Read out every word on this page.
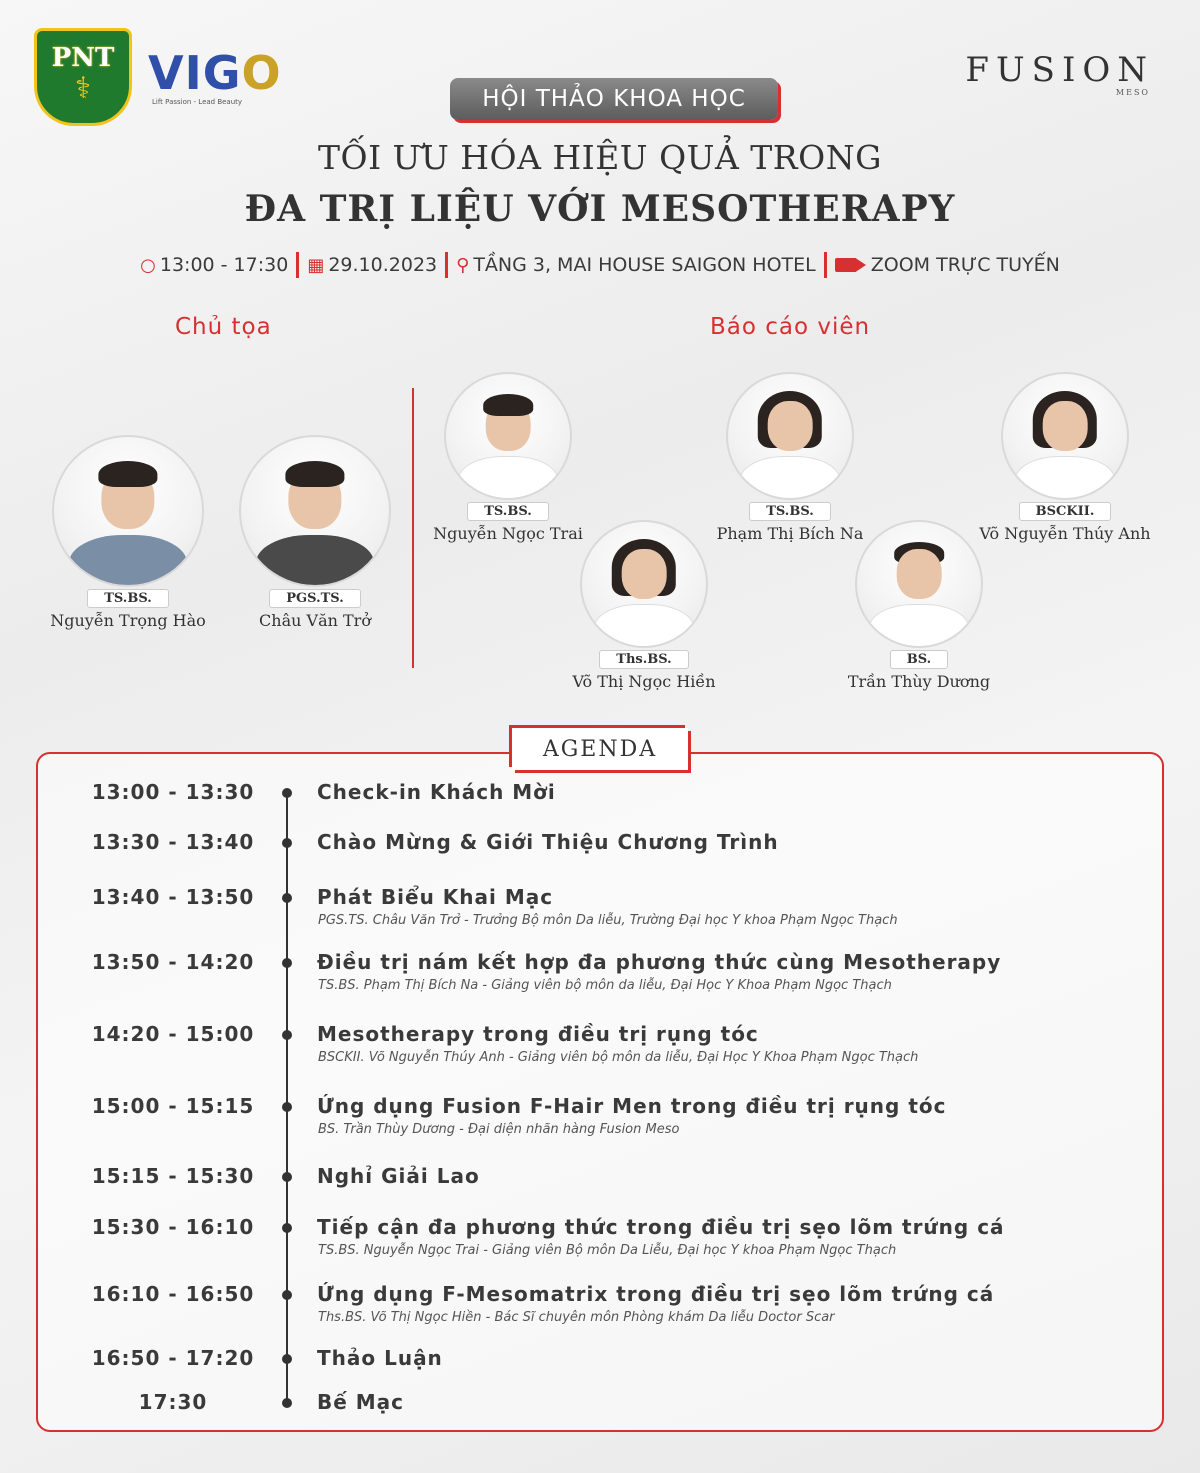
PNT
⚕	VIGO
Lift Passion - Lead Beauty
FUSION
MESO
HỘI THẢO KHOA HỌC
TỐI ƯU HÓA HIỆU QUẢ TRONG
ĐA TRỊ LIỆU VỚI MESOTHERAPY
○ 13:00 - 17:30 ▦ 29.10.2023 ⚲ TẦNG 3, MAI HOUSE SAIGON HOTEL	ZOOM TRỰC TUYẾN
Chủ tọa	Báo cáo viên
TS.BS.
Nguyễn Trọng Hào
PGS.TS.
Châu Văn Trở
TS.BS.
Nguyễn Ngọc Trai
TS.BS.
Phạm Thị Bích Na
BSCKII.
Võ Nguyễn Thúy Anh
Ths.BS.
Võ Thị Ngọc Hiền
BS.
Trần Thùy Dương
AGENDA
13:00 - 13:30	Check-in Khách Mời
13:30 - 13:40	Chào Mừng & Giới Thiệu Chương Trình
13:40 - 13:50	Phát Biểu Khai Mạc
PGS.TS. Châu Văn Trở - Trưởng Bộ môn Da liễu, Trường Đại học Y khoa Phạm Ngọc Thạch
13:50 - 14:20	Điều trị nám kết hợp đa phương thức cùng Mesotherapy
TS.BS. Phạm Thị Bích Na - Giảng viên bộ môn da liễu, Đại Học Y Khoa Phạm Ngọc Thạch
14:20 - 15:00	Mesotherapy trong điều trị rụng tóc
BSCKII. Võ Nguyễn Thúy Anh - Giảng viên bộ môn da liễu, Đại Học Y Khoa Phạm Ngọc Thạch
15:00 - 15:15	Ứng dụng Fusion F-Hair Men trong điều trị rụng tóc
BS. Trần Thùy Dương - Đại diện nhãn hàng Fusion Meso
15:15 - 15:30	Nghỉ Giải Lao
15:30 - 16:10	Tiếp cận đa phương thức trong điều trị sẹo lõm trứng cá
TS.BS. Nguyễn Ngọc Trai - Giảng viên Bộ môn Da Liễu, Đại học Y khoa Phạm Ngọc Thạch
16:10 - 16:50	Ứng dụng F-Mesomatrix trong điều trị sẹo lõm trứng cá
Ths.BS. Võ Thị Ngọc Hiền - Bác Sĩ chuyên môn Phòng khám Da liễu Doctor Scar
16:50 - 17:20	Thảo Luận
17:30	Bế Mạc
